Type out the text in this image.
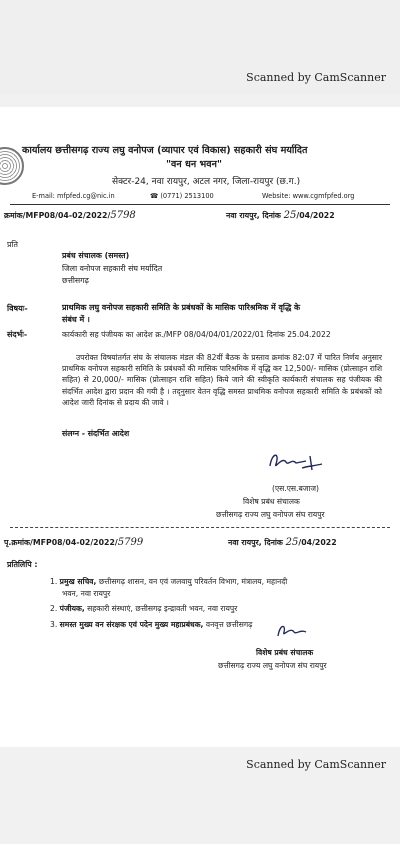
Scanned by CamScanner
कार्यालय छत्तीसगढ़ राज्य लघु वनोपज (व्यापार एवं विकास) सहकारी संघ मर्यादित
"वन धन भवन"
सेक्टर-24, नवा रायपुर, अटल नगर, जिला-रायपुर (छ.ग.)
E-mail: mfpfed.cg@nic.in	☎ (0771) 2513100	Website: www.cgmfpfed.org
क्रमांक/MFP08/04-02/2022/5798	नवा रायपुर, दिनांक 25/04/2022
प्रति
प्रबंध संचालक (समस्त)
जिला वनोपज सहकारी संघ मर्यादित
छत्तीसगढ़
विषयः-	प्राथमिक लघु वनोपज सहकारी समिति के प्रबंधकों के मासिक पारिश्रमिक में वृद्धि के
संबंध में ।
संदर्भः-	कार्यकारी सह पंजीयक का आदेश क्र./MFP 08/04/04/01/2022/01 दिनांक 25.04.2022
उपरोक्त विषयांतर्गत संघ के संचालक मंडल की 82वीं बैठक के प्रस्ताव क्रमांक 82:07 में पारित निर्णय अनुसार प्राथमिक वनोपज सहकारी समिति के प्रबंधकों की मासिक पारिश्रमिक में वृद्धि कर 12,500/- मासिक (प्रोत्साहन राशि सहित) से 20,000/- मासिक (प्रोत्साहन राशि सहित) किये जाने की स्वीकृति कार्यकारी संचालक सह पंजीयक की संदर्भित आदेश द्वारा प्रदान की गयी है । तद्नुसार वेतन वृद्धि समस्त प्राथमिक वनोपज सहकारी समिति के प्रबंधकों को आदेश जारी दिनांक से प्रदाय की जावे ।
संलग्न - संदर्भित आदेश
(एस.एस.बजाज)
विशेष प्रबंध संचालक
छत्तीसगढ़ राज्य लघु वनोपज संघ रायपुर
पृ.क्रमांक/MFP08/04-02/2022/5799	नवा रायपुर, दिनांक 25/04/2022
प्रतिलिपि :
1. प्रमुख सचिव, छत्तीसगढ़ शासन, वन एवं जलवायु परिवर्तन विभाग, मंत्रालय, महानदी
भवन, नवा रायपुर
2. पंजीयक, सहकारी संस्थाएं, छत्तीसगढ़ इन्द्रावती भवन, नवा रायपुर
3. समस्त मुख्य वन संरक्षक एवं पदेन मुख्य महाप्रबंधक, वनवृत्त छत्तीसगढ़
विशेष प्रबंध संचालक
छत्तीसगढ़ राज्य लघु वनोपज संघ रायपुर
Scanned by CamScanner
